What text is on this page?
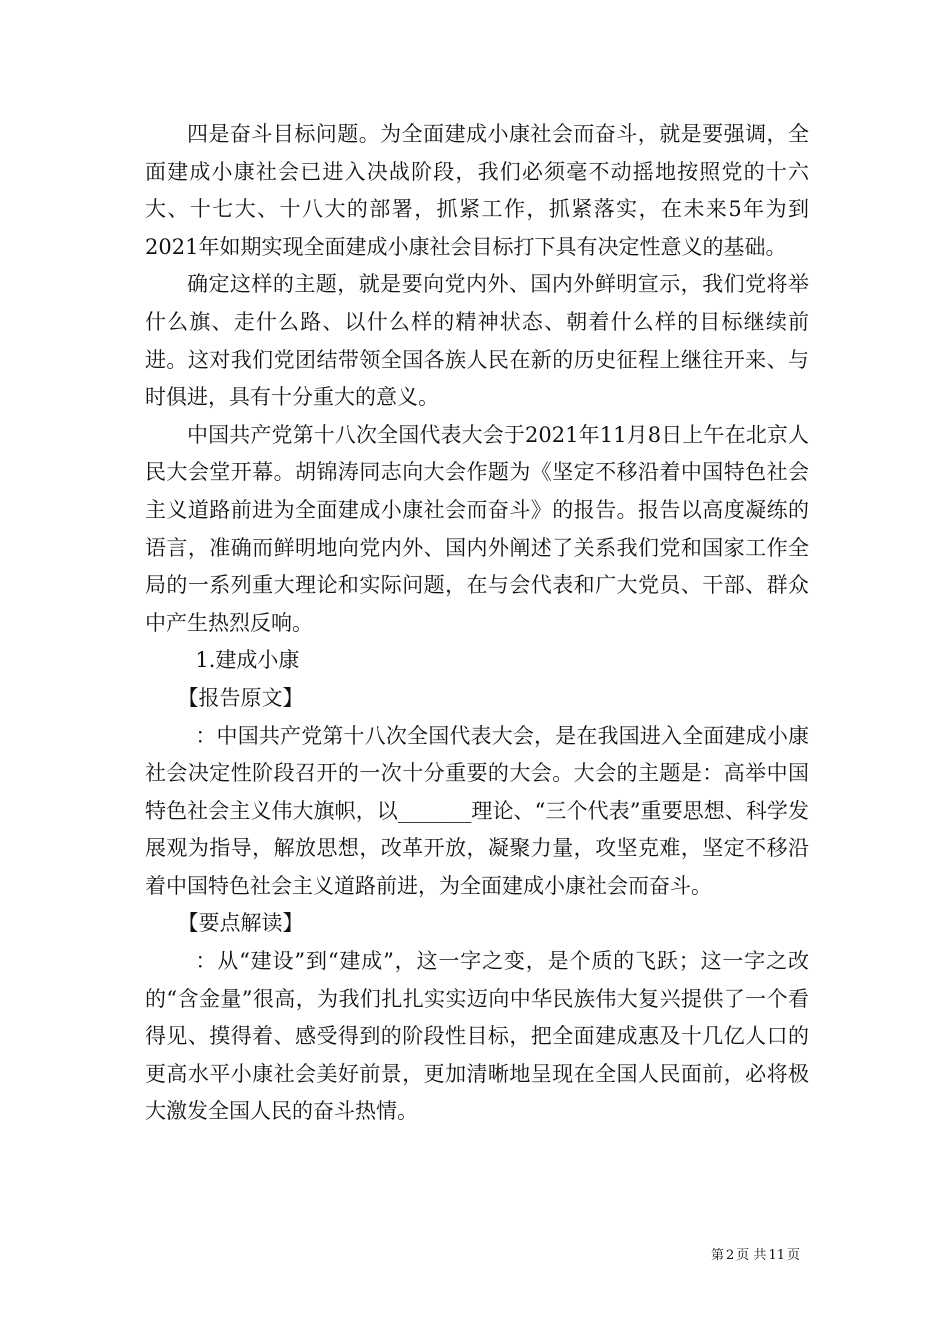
四是奋斗目标问题。为全面建成小康社会而奋斗，就是要强调，全面建成小康社会已进入决战阶段，我们必须毫不动摇地按照党的十六大、十七大、十八大的部署，抓紧工作，抓紧落实，在未来5年为到2021年如期实现全面建成小康社会目标打下具有决定性意义的基础。

确定这样的主题，就是要向党内外、国内外鲜明宣示，我们党将举什么旗、走什么路、以什么样的精神状态、朝着什么样的目标继续前进。这对我们党团结带领全国各族人民在新的历史征程上继往开来、与时俱进，具有十分重大的意义。

中国共产党第十八次全国代表大会于2021年11月8日上午在北京人民大会堂开幕。胡锦涛同志向大会作题为《坚定不移沿着中国特色社会主义道路前进为全面建成小康社会而奋斗》的报告。报告以高度凝练的语言，准确而鲜明地向党内外、国内外阐述了关系我们党和国家工作全局的一系列重大理论和实际问题，在与会代表和广大党员、干部、群众中产生热烈反响。

1.建成小康

【报告原文】

：中国共产党第十八次全国代表大会，是在我国进入全面建成小康社会决定性阶段召开的一次十分重要的大会。大会的主题是：高举中国特色社会主义伟大旗帜，以_______理论、“三个代表”重要思想、科学发展观为指导，解放思想，改革开放，凝聚力量，攻坚克难，坚定不移沿着中国特色社会主义道路前进，为全面建成小康社会而奋斗。

【要点解读】

：从“建设”到“建成”，这一字之变，是个质的飞跃；这一字之改的“含金量”很高，为我们扎扎实实迈向中华民族伟大复兴提供了一个看得见、摸得着、感受得到的阶段性目标，把全面建成惠及十几亿人口的更高水平小康社会美好前景，更加清晰地呈现在全国人民面前，必将极大激发全国人民的奋斗热情。

第 2 页 共 11 页
